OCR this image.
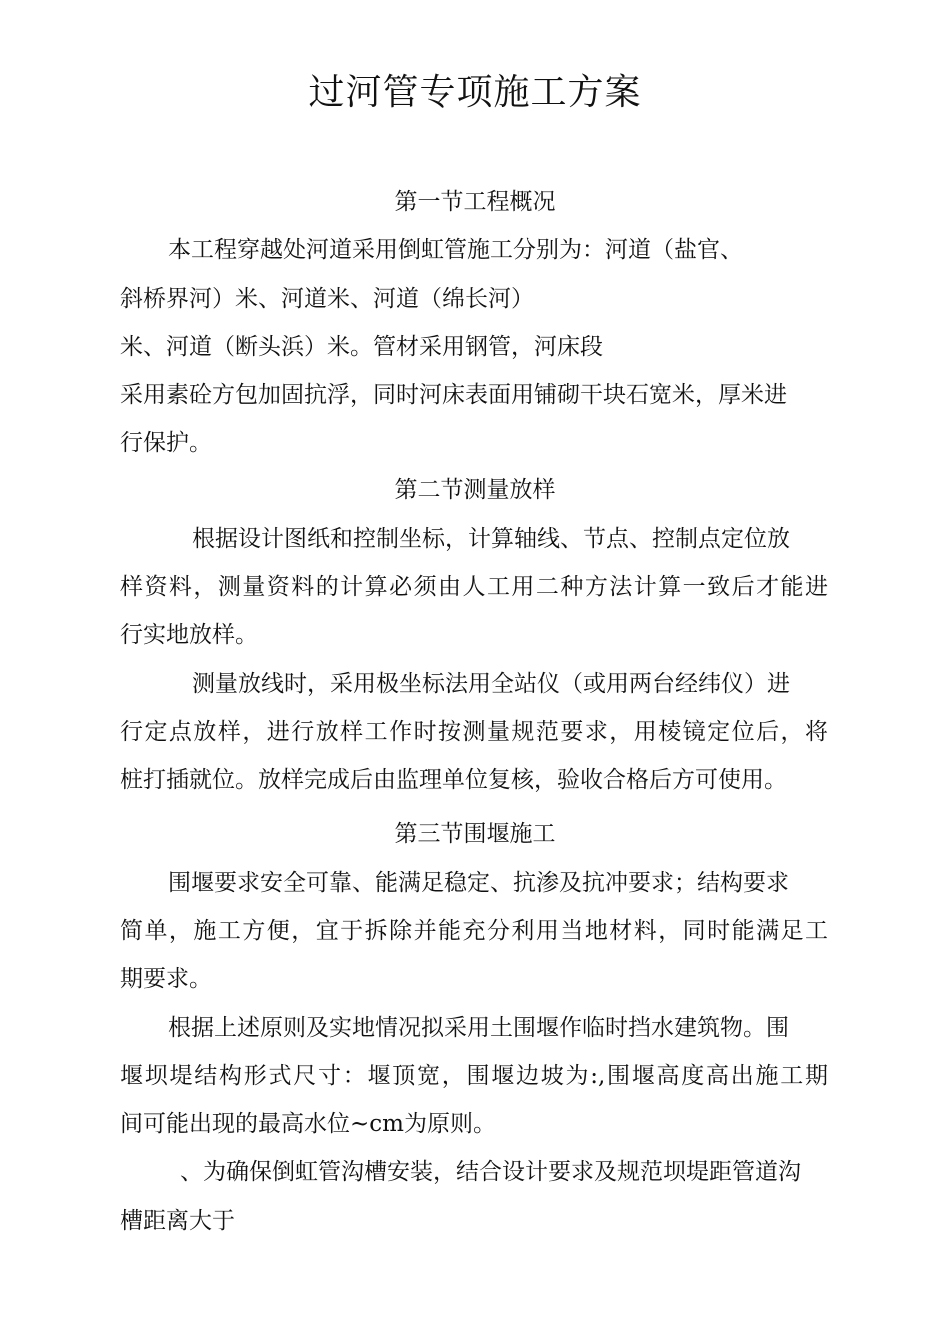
过河管专项施工方案
第一节工程概况
本工程穿越处河道采用倒虹管施工分别为：河道（盐官、
斜桥界河）米、河道米、河道（绵长河）
米、河道（断头浜）米。管材采用钢管，河床段
采用素砼方包加固抗浮，同时河床表面用铺砌干块石宽米，厚米进
行保护。
第二节测量放样
根据设计图纸和控制坐标，计算轴线、节点、控制点定位放
样资料，测量资料的计算必须由人工用二种方法计算一致后才能进
行实地放样。
测量放线时，采用极坐标法用全站仪（或用两台经纬仪）进
行定点放样，进行放样工作时按测量规范要求，用棱镜定位后，将
桩打插就位。放样完成后由监理单位复核，验收合格后方可使用。
第三节围堰施工
围堰要求安全可靠、能满足稳定、抗渗及抗冲要求；结构要求
简单，施工方便，宜于拆除并能充分利用当地材料，同时能满足工
期要求。
根据上述原则及实地情况拟采用土围堰作临时挡水建筑物。围
堰坝堤结构形式尺寸：堰顶宽，围堰边坡为:,围堰高度高出施工期
间可能出现的最高水位~cm为原则。
、为确保倒虹管沟槽安装，结合设计要求及规范坝堤距管道沟
槽距离大于
